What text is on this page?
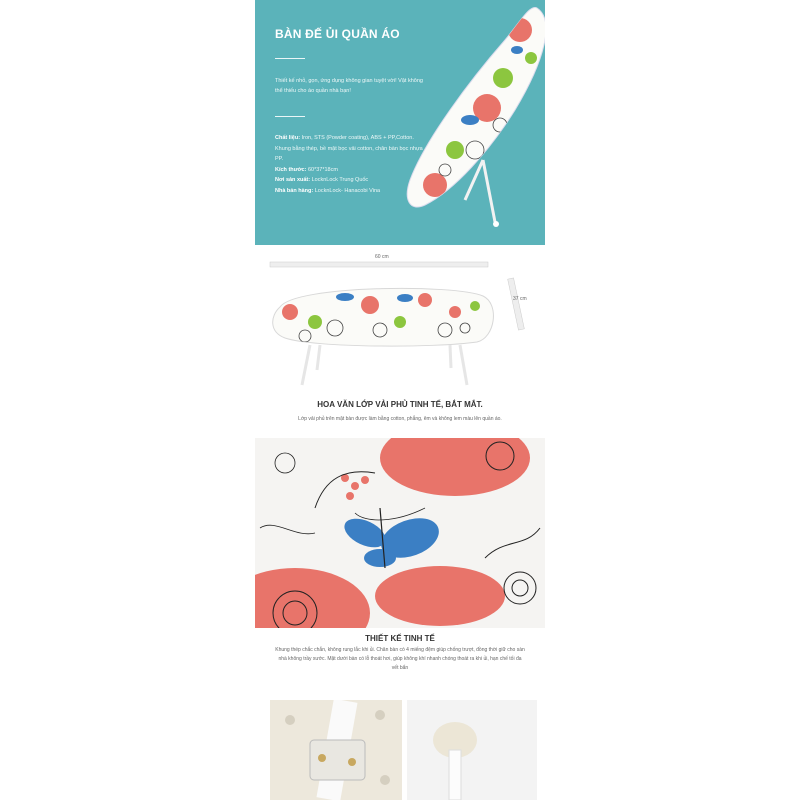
BÀN ĐẾ ỦI QUẦN ÁO
Thiết kế nhỏ, gọn, ứng dụng không gian tuyệt vời! Vật không thể thiếu cho áo quần nhà bạn!
Chất liệu: Iron, STS (Powder coating), ABS + PP,Cotton. Khung bằng thép, bề mặt bọc vải cotton, chân bàn bọc nhựa PP.
Kích thước: 60*37*18cm
Nơi sản xuất: LocknLock Trung Quốc
Nhà bán hàng: LocknLock- Hanacobi Vina
60 cm
37 cm
HOA VĂN LỚP VẢI PHỦ TINH TẾ, BẮT MẮT.
Lớp vải phủ trên mặt bàn được làm bằng cotton, phẳng, êm và không lem màu lên quần áo.
THIẾT KẾ TINH TẾ
Khung thép chắc chắn, không rung lắc khi ủi. Chân bàn có 4 miếng đệm giúp chống trượt, đồng thời giữ cho sàn nhà không trầy xước. Mặt dưới bàn có lỗ thoát hơi, giúp không khí nhanh chóng thoát ra khi ủi, hạn chế tối đa vết bẩn
